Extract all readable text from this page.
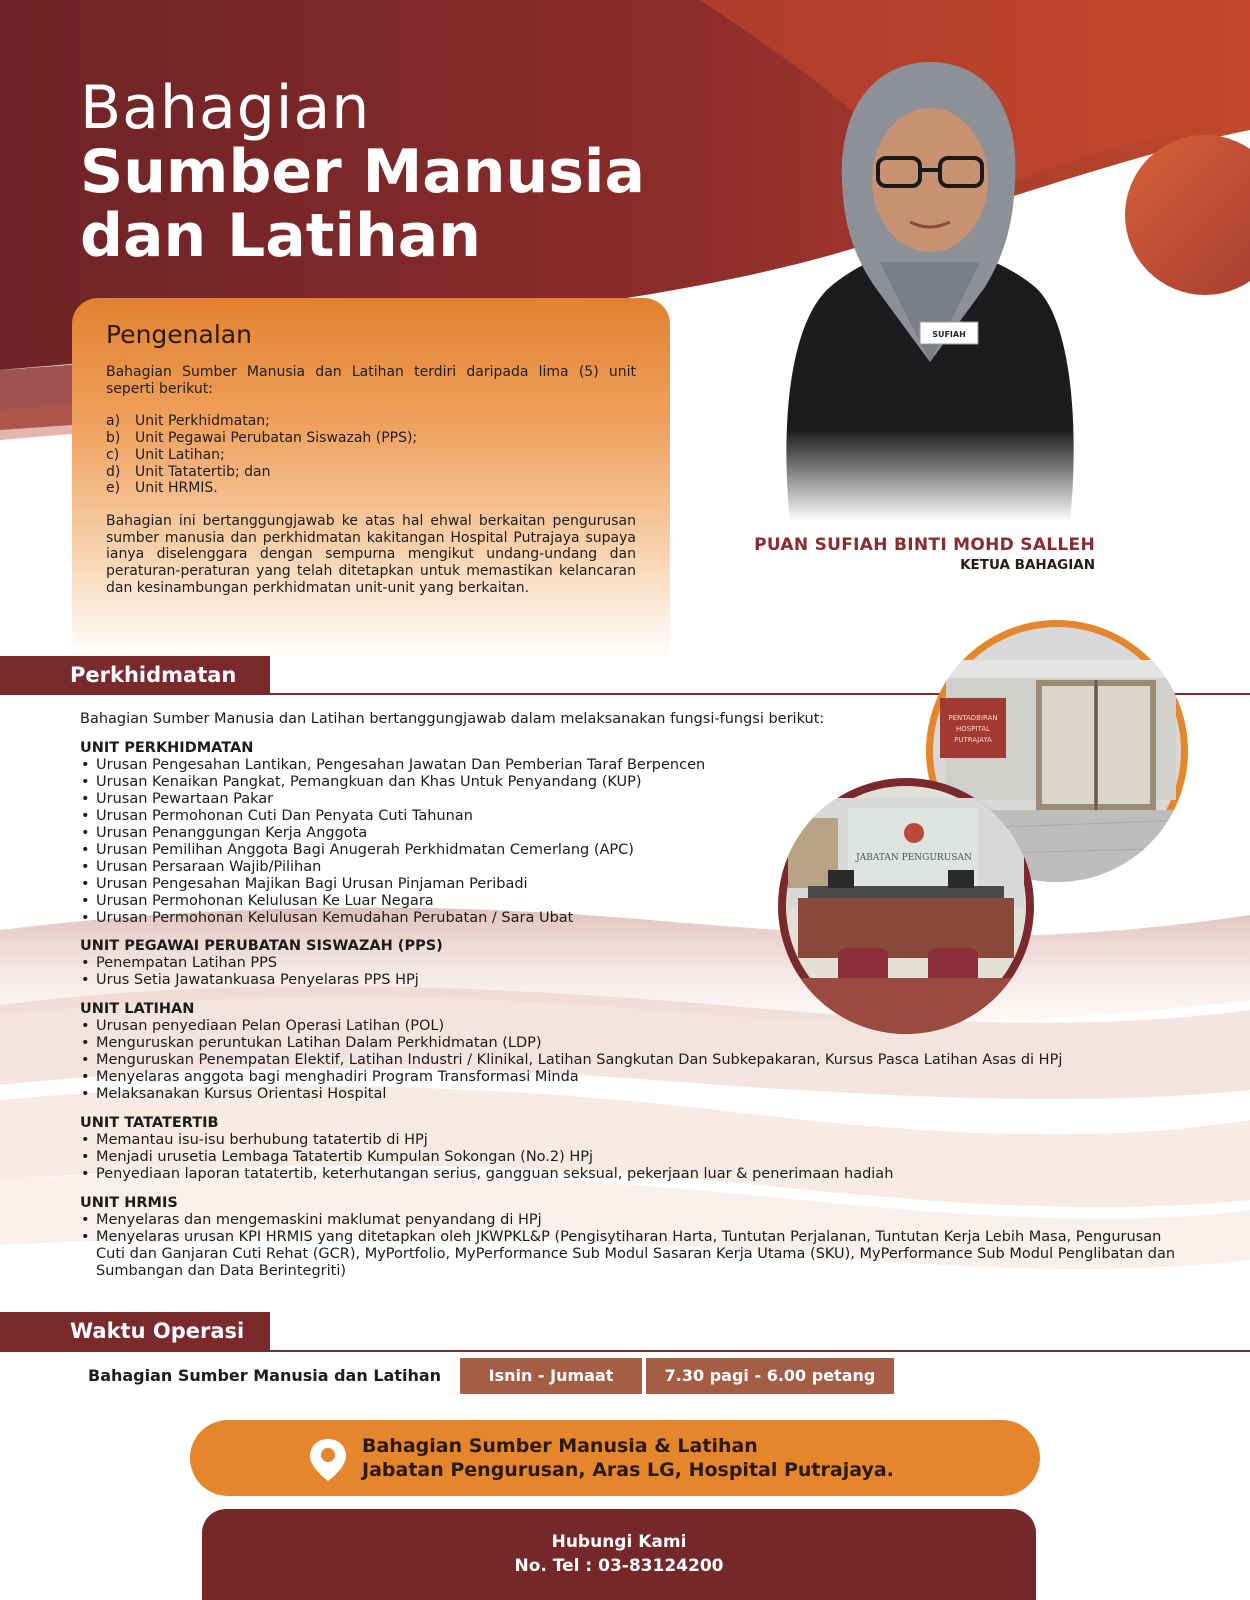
Bahagian
Sumber Manusia
dan Latihan
Pengenalan

Bahagian Sumber Manusia dan Latihan terdiri daripada lima (5) unit seperti berikut:

a)	Unit Perkhidmatan;
b)	Unit Pegawai Perubatan Siswazah (PPS);
c)	Unit Latihan;
d)	Unit Tatatertib; dan
e)	Unit HRMIS.

Bahagian ini bertanggungjawab ke atas hal ehwal berkaitan pengurusan sumber manusia dan perkhidmatan kakitangan Hospital Putrajaya supaya ianya diselenggara dengan sempurna mengikut undang-undang dan peraturan-peraturan yang telah ditetapkan untuk memastikan kelancaran dan kesinambungan perkhidmatan unit-unit yang berkaitan.

PUAN SUFIAH BINTI MOHD SALLEH
KETUA BAHAGIAN
Perkhidmatan
Bahagian Sumber Manusia dan Latihan bertanggungjawab dalam melaksanakan fungsi-fungsi berikut:
UNIT PERKHIDMATAN
• Urusan Pengesahan Lantikan, Pengesahan Jawatan Dan Pemberian Taraf Berpencen
• Urusan Kenaikan Pangkat, Pemangkuan dan Khas Untuk Penyandang (KUP)
• Urusan Pewartaan Pakar
• Urusan Permohonan Cuti Dan Penyata Cuti Tahunan
• Urusan Penanggungan Kerja Anggota
• Urusan Pemilihan Anggota Bagi Anugerah Perkhidmatan Cemerlang (APC)
• Urusan Persaraan Wajib/Pilihan
• Urusan Pengesahan Majikan Bagi Urusan Pinjaman Peribadi
• Urusan Permohonan Kelulusan Ke Luar Negara
• Urusan Permohonan Kelulusan Kemudahan Perubatan / Sara Ubat
UNIT PEGAWAI PERUBATAN SISWAZAH (PPS)
• Penempatan Latihan PPS
• Urus Setia Jawatankuasa Penyelaras PPS HPj
UNIT LATIHAN
• Urusan penyediaan Pelan Operasi Latihan (POL)
• Menguruskan peruntukan Latihan Dalam Perkhidmatan (LDP)
• Menguruskan Penempatan Elektif, Latihan Industri / Klinikal, Latihan Sangkutan Dan Subkepakaran, Kursus Pasca Latihan Asas di HPj
• Menyelaras anggota bagi menghadiri Program Transformasi Minda
• Melaksanakan Kursus Orientasi Hospital
UNIT TATATERTIB
• Memantau isu-isu berhubung tatatertib di HPj
• Menjadi urusetia Lembaga Tatatertib Kumpulan Sokongan (No.2) HPj
• Penyediaan laporan tatatertib, keterhutangan serius, gangguan seksual, pekerjaan luar & penerimaan hadiah
UNIT HRMIS
• Menyelaras dan mengemaskini maklumat penyandang di HPj
• Menyelaras urusan KPI HRMIS yang ditetapkan oleh JKWPKL&P (Pengisytiharan Harta, Tuntutan Perjalanan, Tuntutan Kerja Lebih Masa, Pengurusan Cuti dan Ganjaran Cuti Rehat (GCR), MyPortfolio, MyPerformance Sub Modul Sasaran Kerja Utama (SKU), MyPerformance Sub Modul Penglibatan dan Sumbangan dan Data Berintegriti)
PENTADBIRAN
HOSPITAL
PUTRAJAYA
JABATAN PENGURUSAN
Waktu Operasi
Bahagian Sumber Manusia dan Latihan	Isnin - Jumaat	7.30 pagi - 6.00 petang
Bahagian Sumber Manusia & Latihan
Jabatan Pengurusan, Aras LG, Hospital Putrajaya.
Hubungi Kami
No. Tel : 03-83124200
